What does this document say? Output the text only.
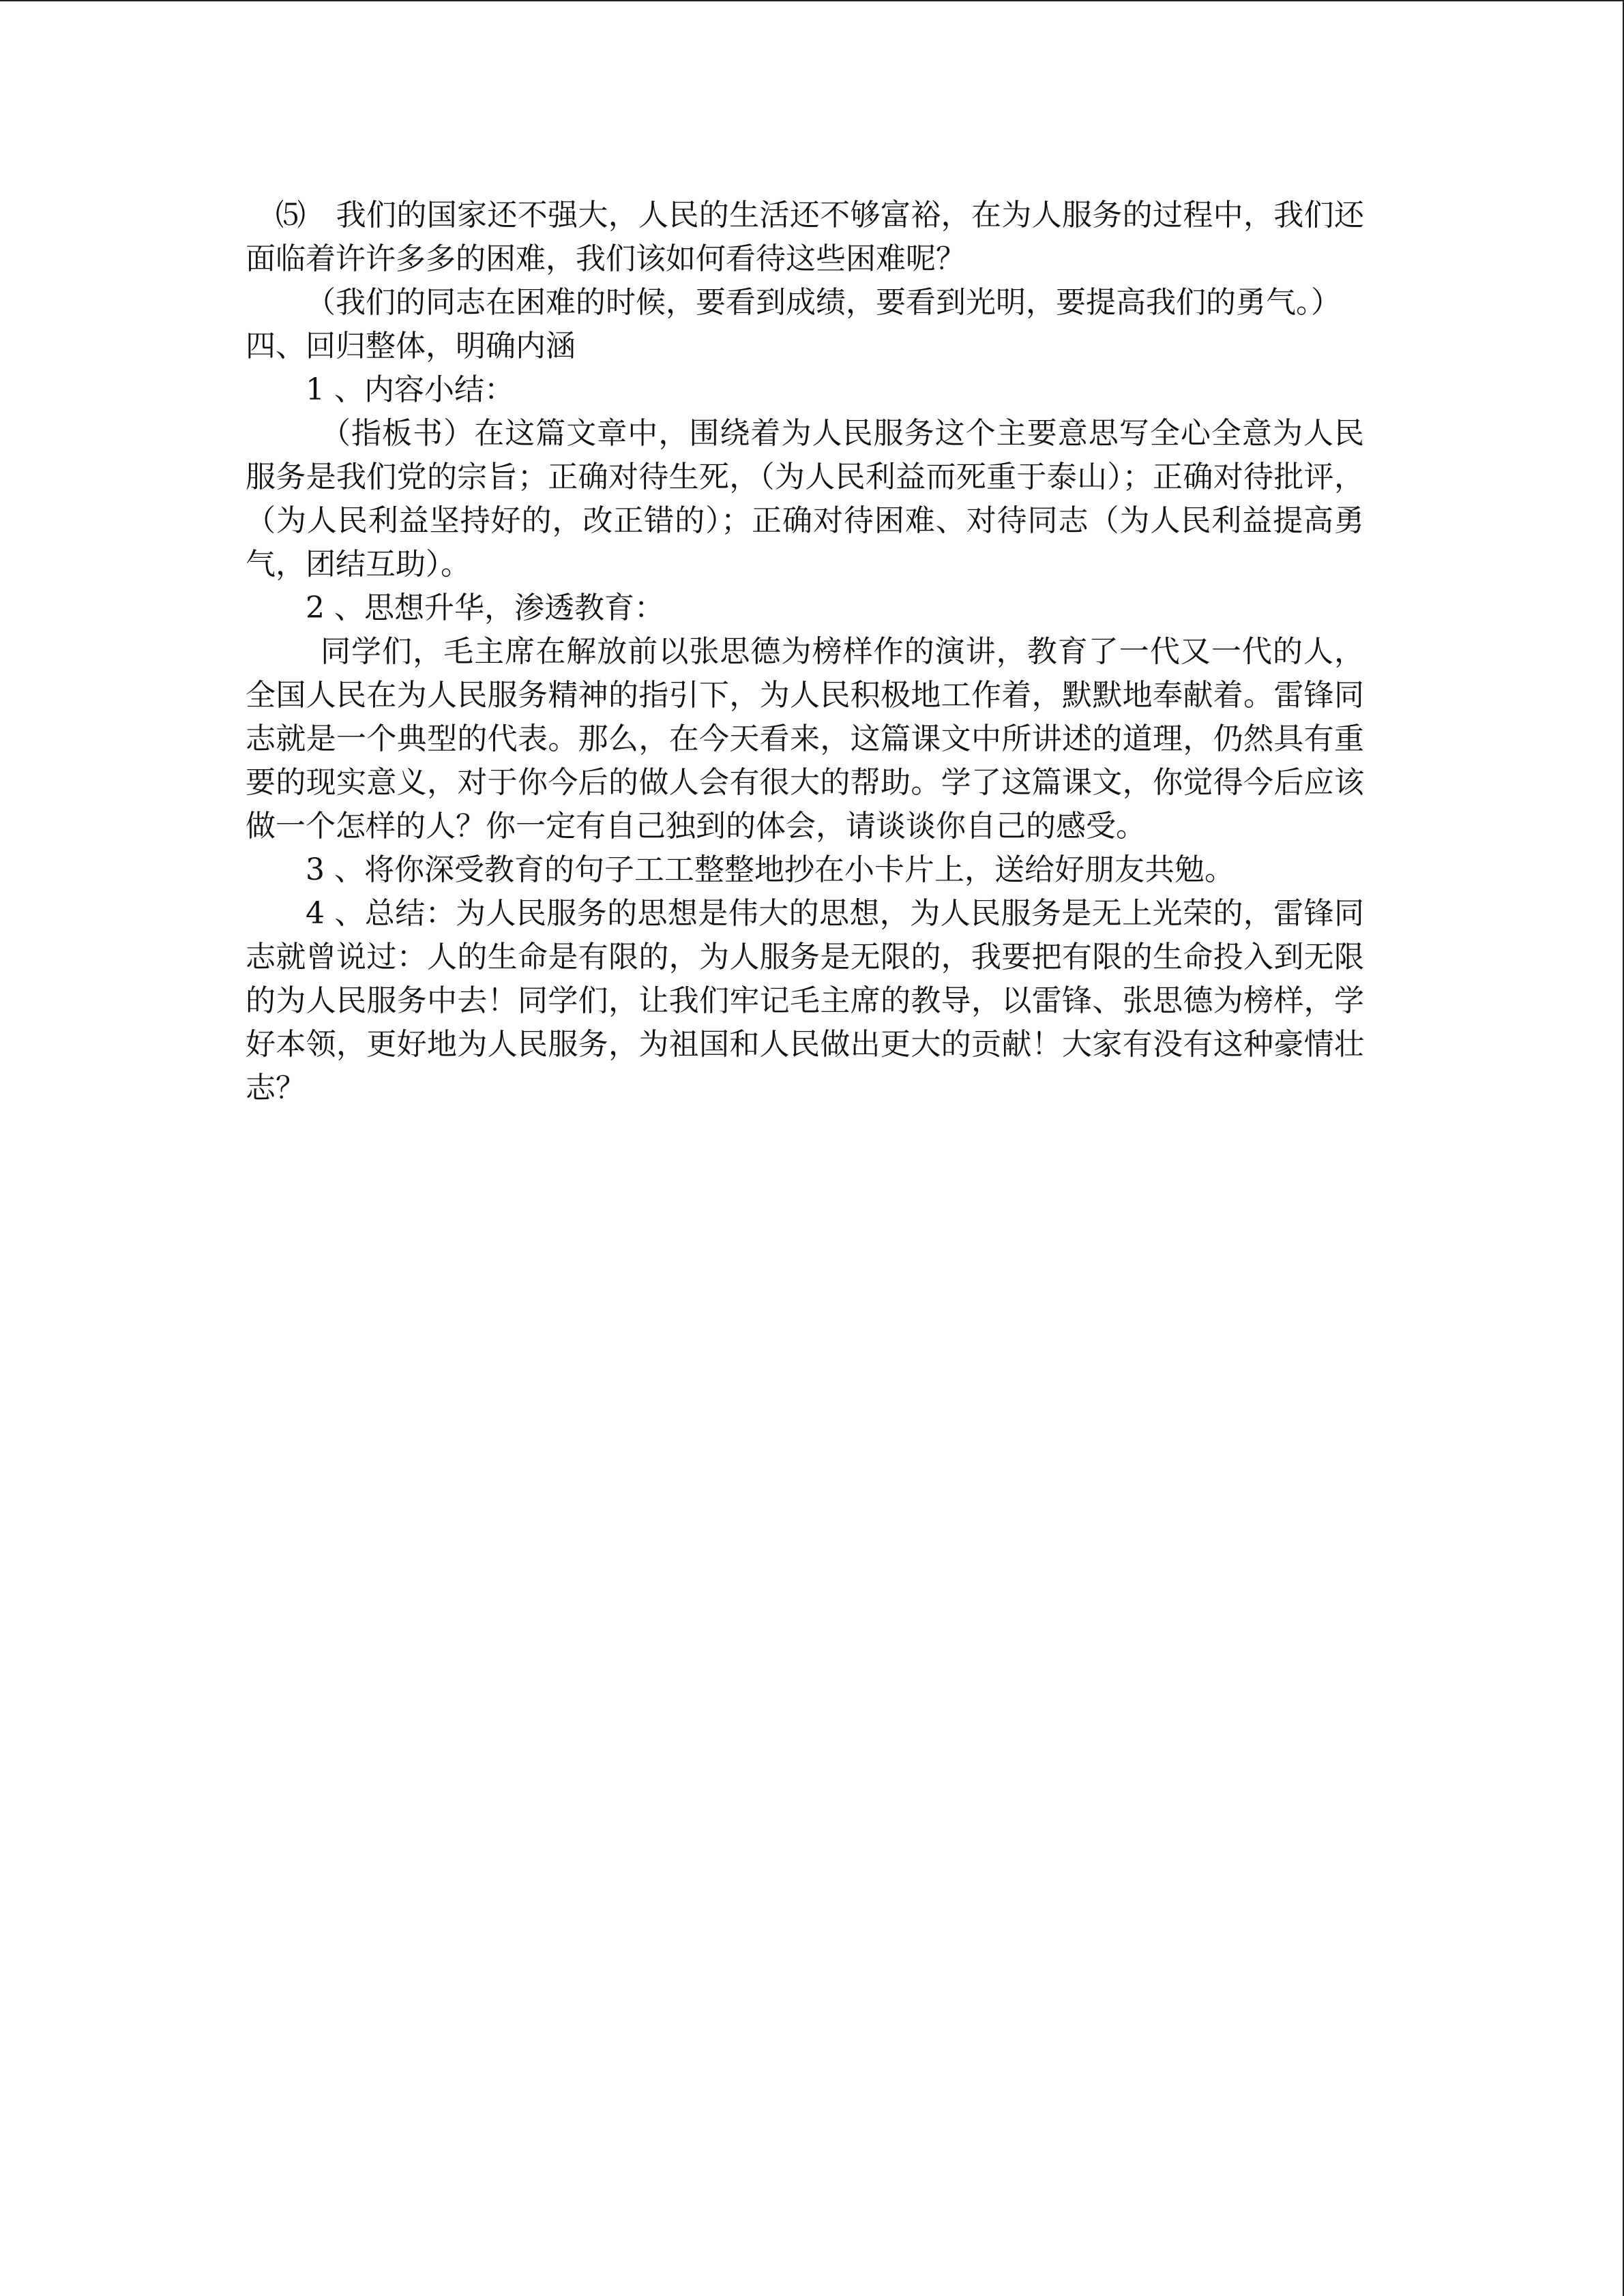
⑸　我们的国家还不强大，人民的生活还不够富裕，在为人服务的过程中，我们还面临着许许多多的困难，我们该如何看待这些困难呢？

（我们的同志在困难的时候，要看到成绩，要看到光明，要提高我们的勇气。）

四、回归整体，明确内涵

1 、内容小结：

（指板书）在这篇文章中，围绕着为人民服务这个主要意思写全心全意为人民服务是我们党的宗旨；正确对待生死，（为人民利益而死重于泰山）；正确对待批评，（为人民利益坚持好的，改正错的）；正确对待困难、对待同志（为人民利益提高勇气，团结互助）。

2 、思想升华，渗透教育：

同学们，毛主席在解放前以张思德为榜样作的演讲，教育了一代又一代的人，全国人民在为人民服务精神的指引下，为人民积极地工作着，默默地奉献着。雷锋同志就是一个典型的代表。那么，在今天看来，这篇课文中所讲述的道理，仍然具有重要的现实意义，对于你今后的做人会有很大的帮助。学了这篇课文，你觉得今后应该做一个怎样的人？你一定有自己独到的体会，请谈谈你自己的感受。

3 、将你深受教育的句子工工整整地抄在小卡片上，送给好朋友共勉。

4 、总结：为人民服务的思想是伟大的思想，为人民服务是无上光荣的，雷锋同志就曾说过：人的生命是有限的，为人服务是无限的，我要把有限的生命投入到无限的为人民服务中去！同学们，让我们牢记毛主席的教导，以雷锋、张思德为榜样，学好本领，更好地为人民服务，为祖国和人民做出更大的贡献！大家有没有这种豪情壮志？
